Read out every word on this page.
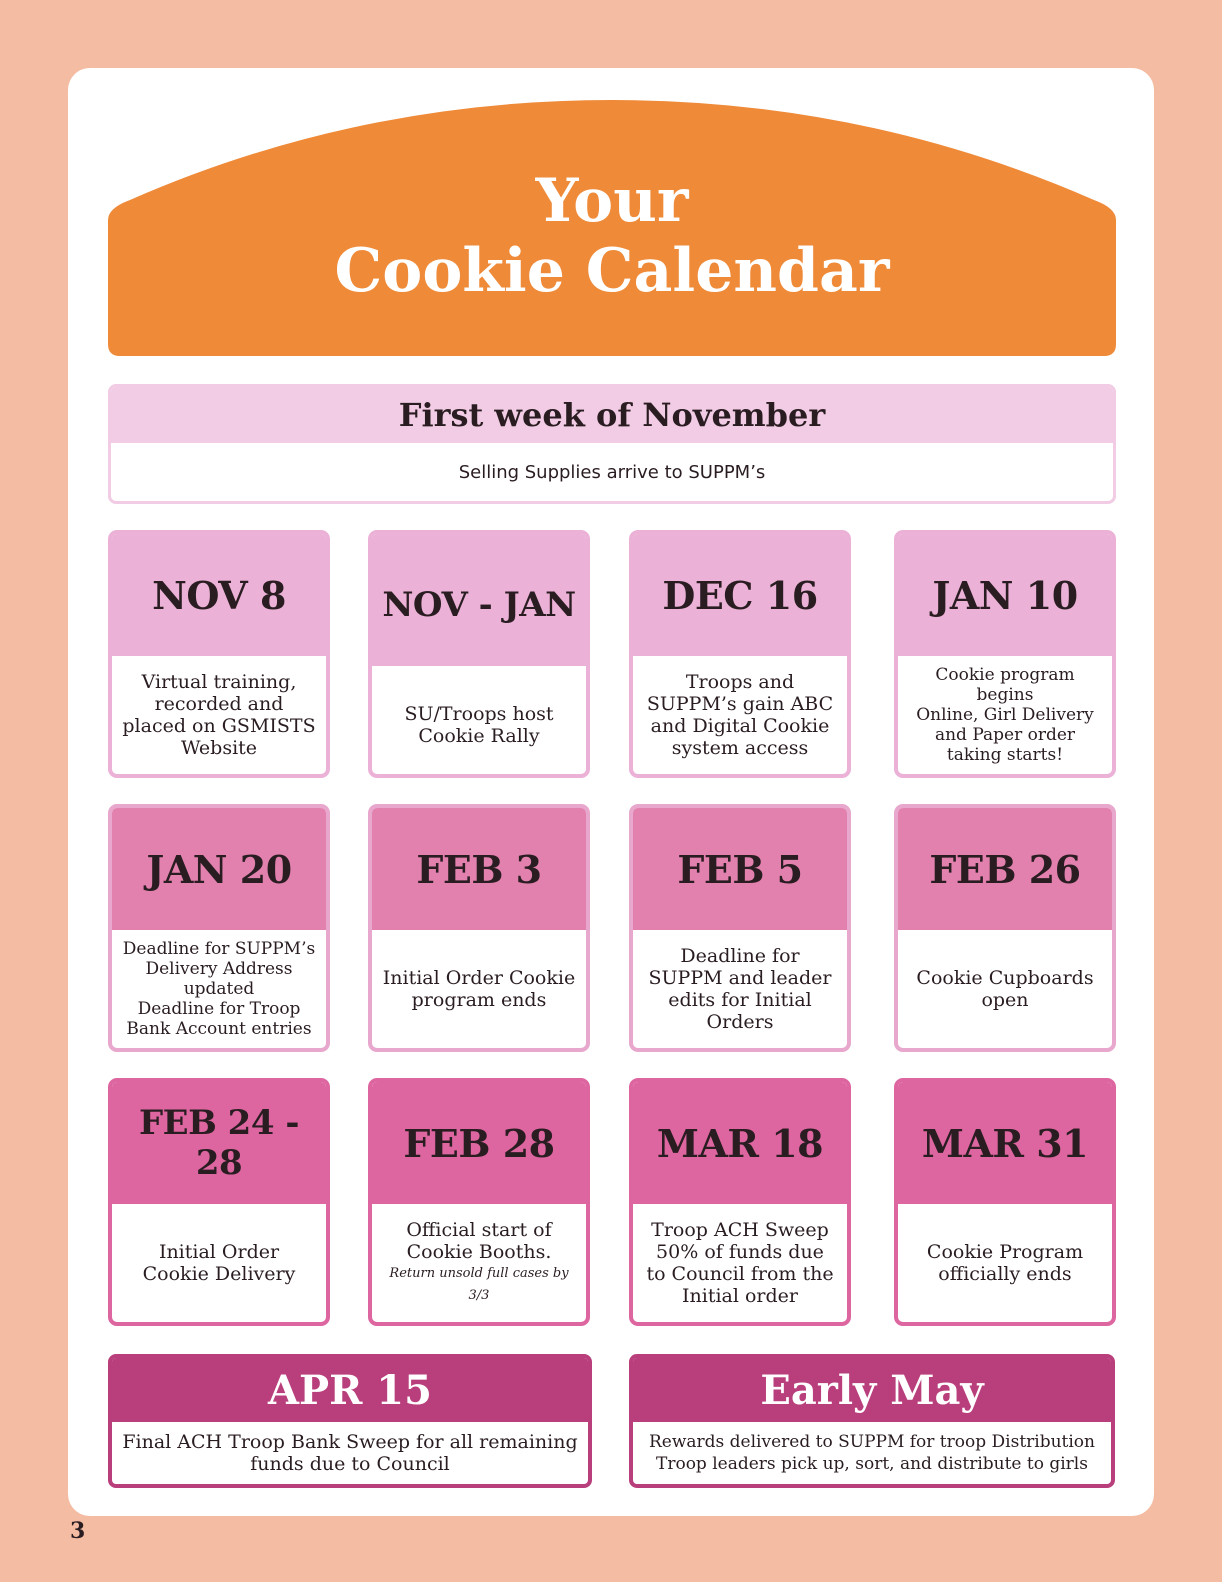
Your
Cookie Calendar
First week of November
Selling Supplies arrive to SUPPM’s
NOV 8
Virtual training,
recorded and
placed on GSMISTS
Website
NOV - JAN
SU/Troops host
Cookie Rally
DEC 16
Troops and
SUPPM’s gain ABC
and Digital Cookie
system access
JAN 10
Cookie program
begins
Online, Girl Delivery
and Paper order
taking starts!
JAN 20
Deadline for SUPPM’s
Delivery Address
updated
Deadline for Troop
Bank Account entries
FEB 3
Initial Order Cookie
program ends
FEB 5
Deadline for
SUPPM and leader
edits for Initial
Orders
FEB 26
Cookie Cupboards
open
FEB 24 - 28
Initial Order
Cookie Delivery
FEB 28
Official start of
Cookie Booths.
Return unsold full cases by
3/3
MAR 18
Troop ACH Sweep
50% of funds due
to Council from the
Initial order
MAR 31
Cookie Program
officially ends
APR 15
Final ACH Troop Bank Sweep for all remaining
funds due to Council
Early May
Rewards delivered to SUPPM for troop Distribution
Troop leaders pick up, sort, and distribute to girls
3
